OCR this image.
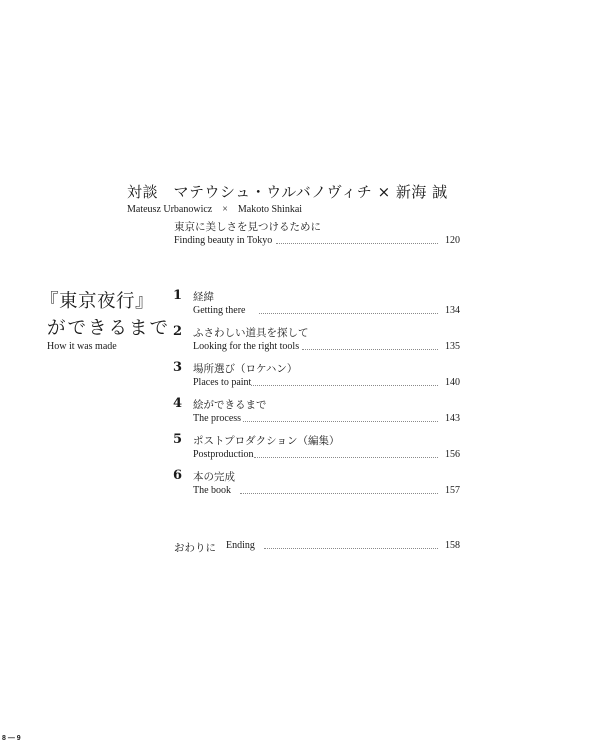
対談　マテウシュ・ウルバノヴィチ × 新海 誠
Mateusz Urbanowicz　×　Makoto Shinkai
東京に美しさを見つけるために
Finding beauty in Tokyo	120
『東京夜行』
ができるまで
How it was made
1 経緯
Getting there	134
2 ふさわしい道具を探して
Looking for the right tools	135
3 場所選び（ロケハン）
Places to paint	140
4 絵ができるまで
The process	143
5 ポストプロダクション（編集）
Postproduction	156
6 本の完成
The book	157
おわりに Ending	158
8 — 9
